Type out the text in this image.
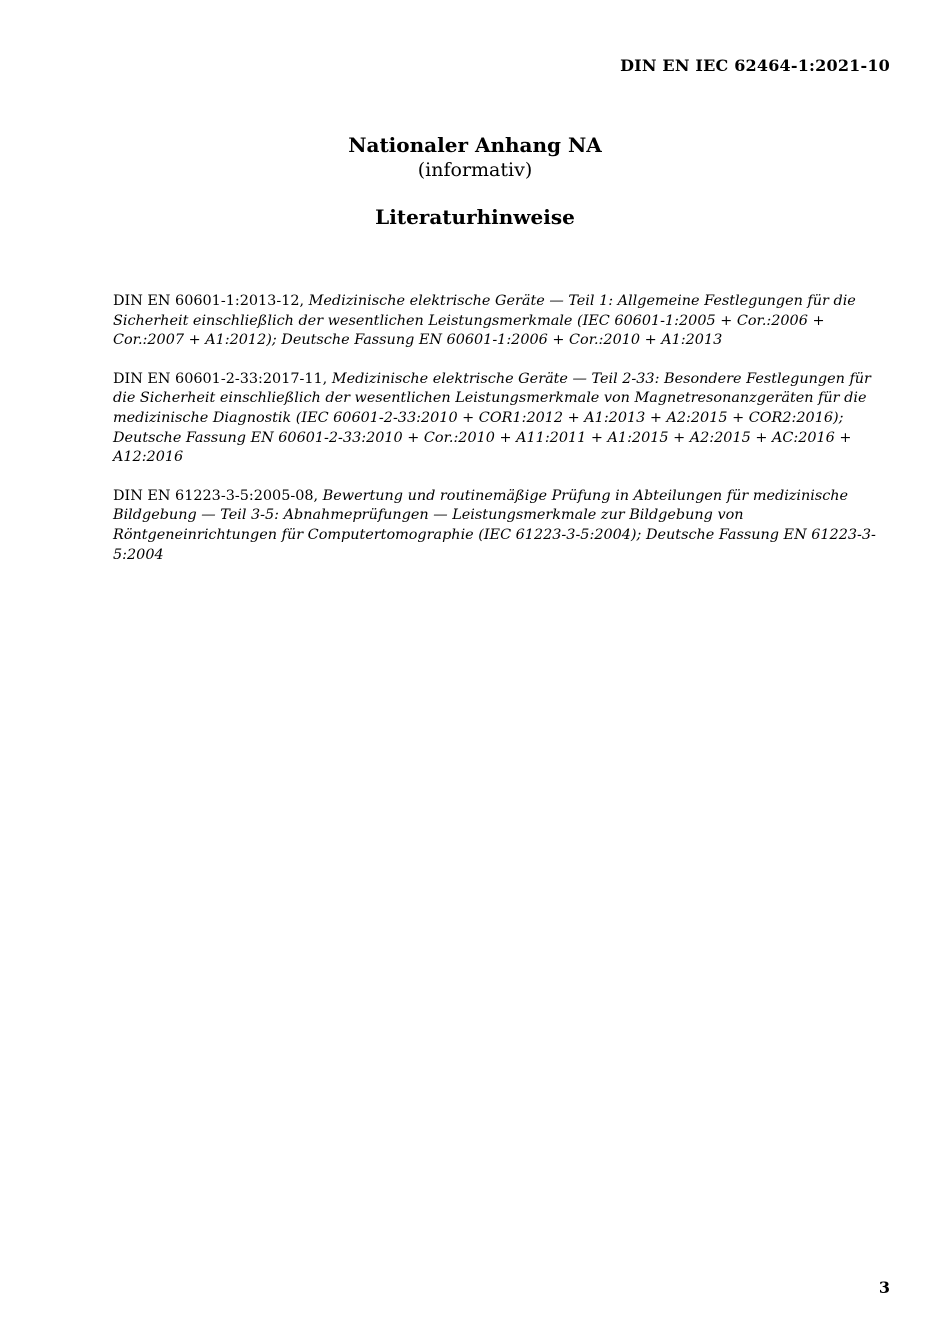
DIN EN IEC 62464-1:2021-10
Nationaler Anhang NA
(informativ)
Literaturhinweise

DIN EN 60601-1:2013-12, Medizinische elektrische Geräte — Teil 1: Allgemeine Festlegungen für die Sicherheit einschließlich der wesentlichen Leistungsmerkmale (IEC 60601-1:2005 + Cor.:2006 + Cor.:2007 + A1:2012); Deutsche Fassung EN 60601-1:2006 + Cor.:2010 + A1:2013

DIN EN 60601-2-33:2017-11, Medizinische elektrische Geräte — Teil 2-33: Besondere Festlegungen für die Sicherheit einschließlich der wesentlichen Leistungsmerkmale von Magnetresonanzgeräten für die medizinische Diagnostik (IEC 60601-2-33:2010 + COR1:2012 + A1:2013 + A2:2015 + COR2:2016); Deutsche Fassung EN 60601-2-33:2010 + Cor.:2010 + A11:2011 + A1:2015 + A2:2015 + AC:2016 + A12:2016

DIN EN 61223-3-5:2005-08, Bewertung und routinemäßige Prüfung in Abteilungen für medizinische Bildgebung — Teil 3-5: Abnahmeprüfungen — Leistungsmerkmale zur Bildgebung von Röntgeneinrichtungen für Computertomographie (IEC 61223-3-5:2004); Deutsche Fassung EN 61223-3-5:2004

3
